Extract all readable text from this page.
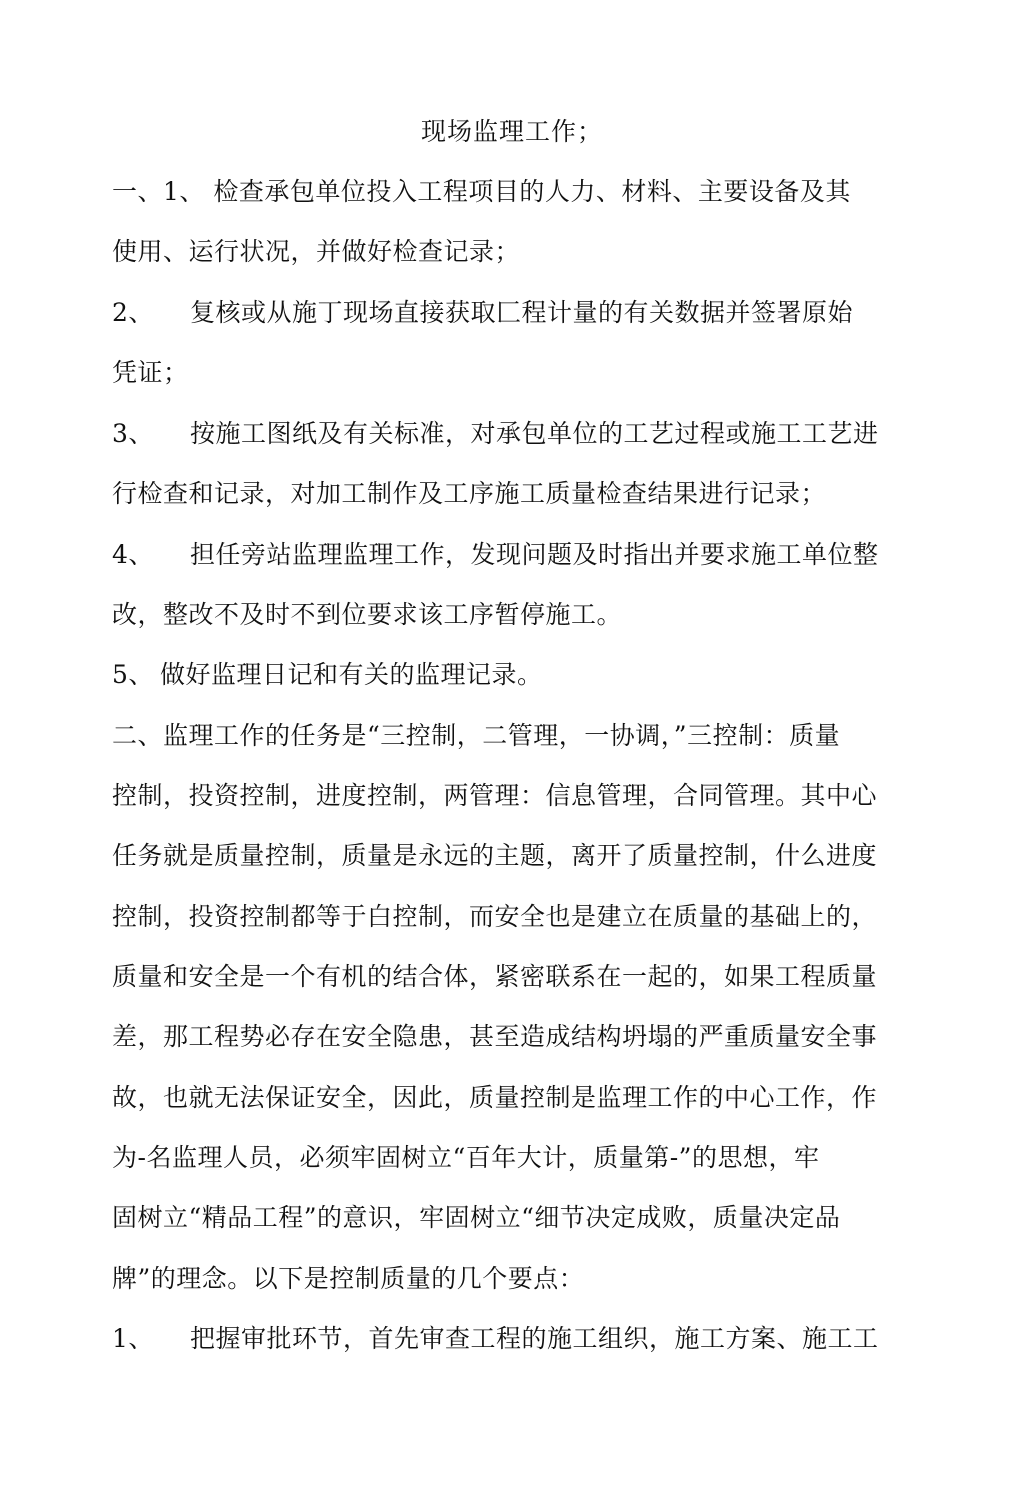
现场监理工作；
一、1、 检查承包单位投入工程项目的人力、材料、主要设备及其
使用、运行状况，并做好检查记录；
2、 复核或从施丁现场直接获取匚程计量的有关数据并签署原始
凭证；
3、 按施工图纸及有关标准，对承包单位的工艺过程或施工工艺进
行检查和记录，对加工制作及工序施工质量检查结果进行记录；
4、 担任旁站监理监理工作，发现问题及时指出并要求施工单位整
改，整改不及时不到位要求该工序暂停施工。
5、 做好监理日记和有关的监理记录。
二、监理工作的任务是“三控制，二管理，一协调，”三控制：质量
控制，投资控制，进度控制，两管理：信息管理，合同管理。其中心
任务就是质量控制，质量是永远的主题，离开了质量控制，什么进度
控制，投资控制都等于白控制，而安全也是建立在质量的基础上的，
质量和安全是一个有机的结合体，紧密联系在一起的，如果工程质量
差，那工程势必存在安全隐患，甚至造成结构坍塌的严重质量安全事
故，也就无法保证安全，因此，质量控制是监理工作的中心工作，作
为-名监理人员，必须牢固树立“百年大计，质量第-”的思想，牢
固树立“精品工程”的意识，牢固树立“细节决定成败，质量决定品
牌”的理念。以下是控制质量的几个要点：
1、 把握审批环节，首先审查工程的施工组织，施工方案、施工工
